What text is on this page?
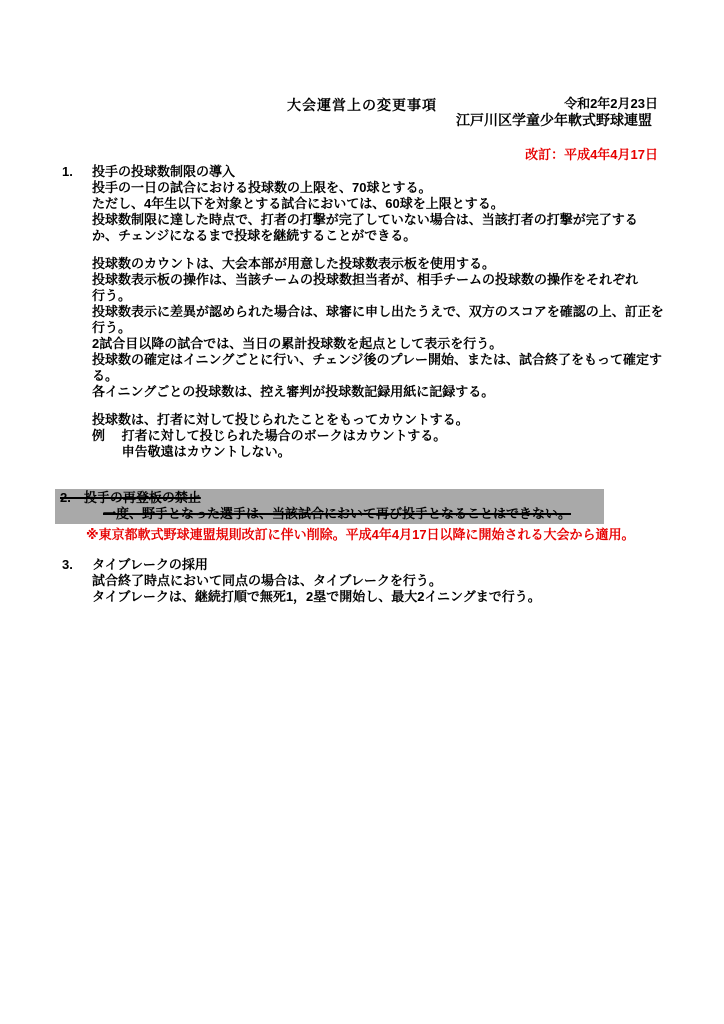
令和2年2月23日

改訂：平成4年4月17日

大会運営上の変更事項
江戸川区学童少年軟式野球連盟
1.	投手の投球数制限の導入
投手の一日の試合における投球数の上限を、70球とする。
ただし、4年生以下を対象とする試合においては、60球を上限とする。
投球数制限に達した時点で、打者の打撃が完了していない場合は、当該打者の打撃が完了する
か、チェンジになるまで投球を継続することができる。
投球数のカウントは、大会本部が用意した投球数表示板を使用する。
投球数表示板の操作は、当該チームの投球数担当者が、相手チームの投球数の操作をそれぞれ
行う。
投球数表示に差異が認められた場合は、球審に申し出たうえで、双方のスコアを確認の上、訂正を
行う。
2試合目以降の試合では、当日の累計投球数を起点として表示を行う。
投球数の確定はイニングごとに行い、チェンジ後のプレー開始、または、試合終了をもって確定す
る。
各イニングごとの投球数は、控え審判が投球数記録用紙に記録する。
投球数は、打者に対して投じられたことをもってカウントする。
例　 打者に対して投じられた場合のボークはカウントする。
　　 申告敬遠はカウントしない。
2.　投手の再登板の禁止
一度、野手となった選手は、当該試合において再び投手となることはできない。
※東京都軟式野球連盟規則改訂に伴い削除。平成4年4月17日以降に開始される大会から適用。
3.	タイブレークの採用
試合終了時点において同点の場合は、タイブレークを行う。
タイブレークは、継続打順で無死1，2塁で開始し、最大2イニングまで行う。
